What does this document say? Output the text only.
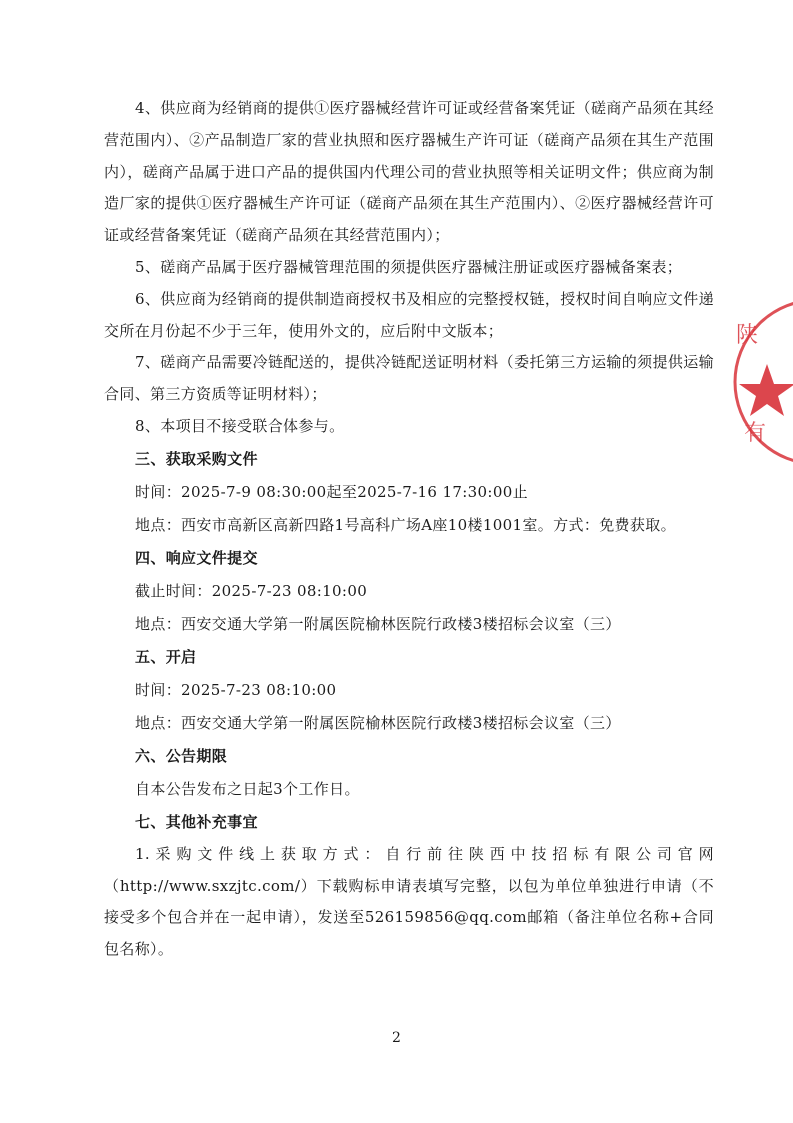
4、供应商为经销商的提供①医疗器械经营许可证或经营备案凭证（磋商产品须在其经营范围内）、②产品制造厂家的营业执照和医疗器械生产许可证（磋商产品须在其生产范围内），磋商产品属于进口产品的提供国内代理公司的营业执照等相关证明文件；供应商为制造厂家的提供①医疗器械生产许可证（磋商产品须在其生产范围内）、②医疗器械经营许可证或经营备案凭证（磋商产品须在其经营范围内）；

5、磋商产品属于医疗器械管理范围的须提供医疗器械注册证或医疗器械备案表；

6、供应商为经销商的提供制造商授权书及相应的完整授权链，授权时间自响应文件递交所在月份起不少于三年，使用外文的，应后附中文版本；

7、磋商产品需要冷链配送的，提供冷链配送证明材料（委托第三方运输的须提供运输合同、第三方资质等证明材料）；

8、本项目不接受联合体参与。

三、获取采购文件
时间：2025-7-9 08:30:00起至2025-7-16 17:30:00止
地点：西安市高新区高新四路1号高科广场A座10楼1001室。方式：免费获取。
四、响应文件提交
截止时间：2025-7-23 08:10:00
地点：西安交通大学第一附属医院榆林医院行政楼3楼招标会议室（三）
五、开启
时间：2025-7-23 08:10:00
地点：西安交通大学第一附属医院榆林医院行政楼3楼招标会议室（三）
六、公告期限
自本公告发布之日起3个工作日。
七、其他补充事宜

1.采购文件线上获取方式：自行前往陕西中技招标有限公司官网（http://www.sxzjtc.com/）下载购标申请表填写完整，以包为单位单独进行申请（不接受多个包合并在一起申请），发送至526159856@qq.com邮箱（备注单位名称+合同包名称）。

陕
有
2
